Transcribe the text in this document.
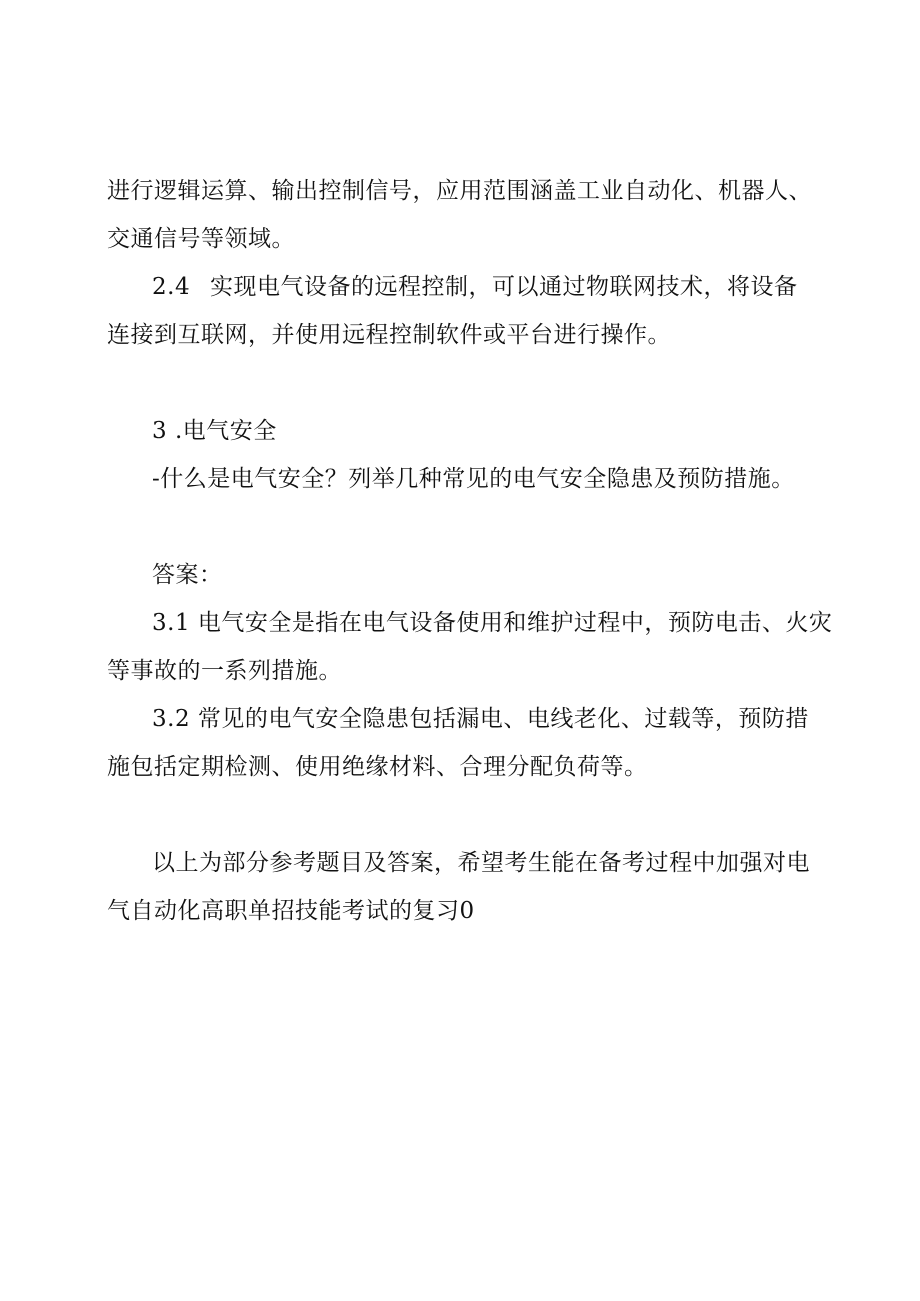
进行逻辑运算、输出控制信号，应用范围涵盖工业自动化、机器人、
交通信号等领域。
2.4 实现电气设备的远程控制，可以通过物联网技术，将设备
连接到互联网，并使用远程控制软件或平台进行操作。
3 .电气安全
-什么是电气安全？列举几种常见的电气安全隐患及预防措施。
答案：
3.1 电气安全是指在电气设备使用和维护过程中，预防电击、火灾
等事故的一系列措施。
3.2 常见的电气安全隐患包括漏电、电线老化、过载等，预防措
施包括定期检测、使用绝缘材料、合理分配负荷等。
以上为部分参考题目及答案，希望考生能在备考过程中加强对电
气自动化高职单招技能考试的复习0
